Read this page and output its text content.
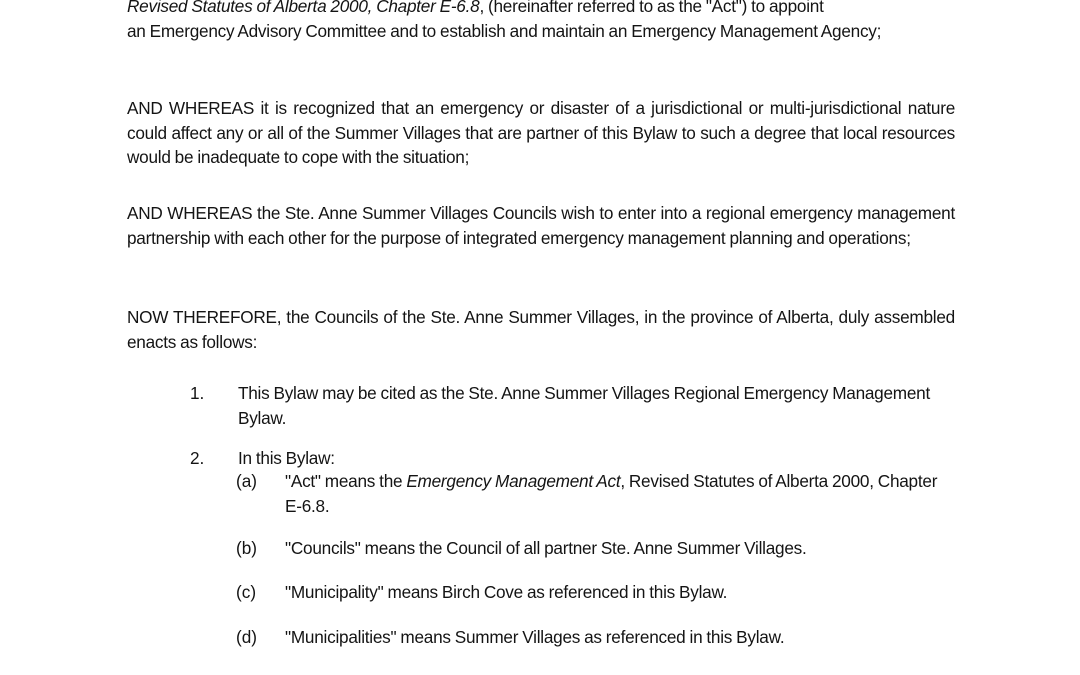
Revised Statutes of Alberta 2000, Chapter E-6.8, (hereinafter referred to as the "Act") to appoint
an Emergency Advisory Committee and to establish and maintain an Emergency Management Agency;
AND WHEREAS it is recognized that an emergency or disaster of a jurisdictional or multi-jurisdictional nature could affect any or all of the Summer Villages that are partner of this Bylaw to such a degree that local resources would be inadequate to cope with the situation;
AND WHEREAS the Ste. Anne Summer Villages Councils wish to enter into a regional emergency management partnership with each other for the purpose of integrated emergency management planning and operations;
NOW THEREFORE, the Councils of the Ste. Anne Summer Villages, in the province of Alberta, duly assembled enacts as follows:
1. This Bylaw may be cited as the Ste. Anne Summer Villages Regional Emergency Management Bylaw.
2. In this Bylaw:
(a) "Act" means the Emergency Management Act, Revised Statutes of Alberta 2000, Chapter E-6.8.
(b) "Councils" means the Council of all partner Ste. Anne Summer Villages.
(c) "Municipality" means Birch Cove as referenced in this Bylaw.
(d) "Municipalities" means Summer Villages as referenced in this Bylaw.
